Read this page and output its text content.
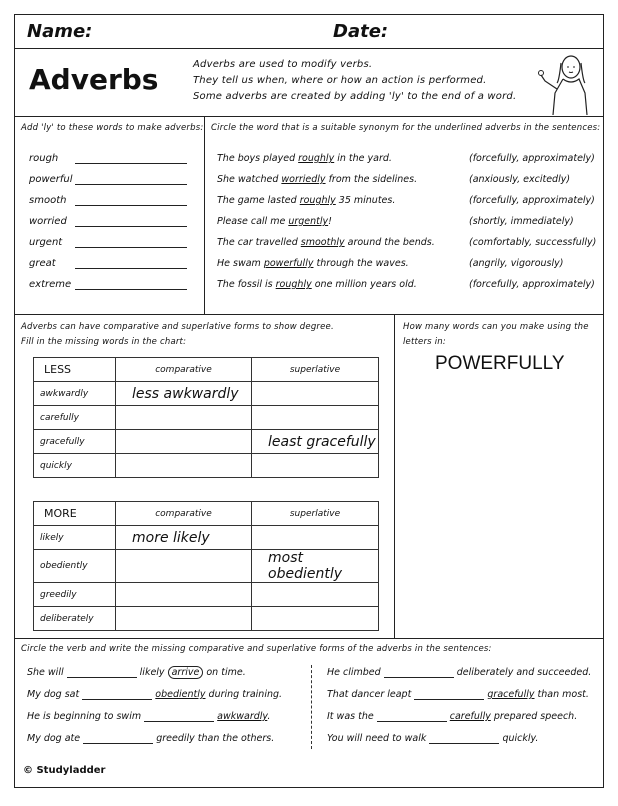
Name:	Date:
Adverbs	Adverbs are used to modify verbs.
They tell us when, where or how an action is performed.
Some adverbs are created by adding 'ly' to the end of a word.
Add 'ly' to these words to make adverbs:
rough
powerful
smooth
worried
urgent
great
extreme
Circle the word that is a suitable synonym for the underlined adverbs in the sentences:
The boys played roughly in the yard.	(forcefully, approximately)
She watched worriedly from the sidelines.	(anxiously, excitedly)
The game lasted roughly 35 minutes.	(forcefully, approximately)
Please call me urgently!	(shortly, immediately)
The car travelled smoothly around the bends.	(comfortably, successfully)
He swam powerfully through the waves.	(angrily, vigorously)
The fossil is roughly one million years old.	(forcefully, approximately)
Adverbs can have comparative and superlative forms to show degree.
Fill in the missing words in the chart:
LESS	comparative	superlative
awkwardly	less awkwardly	
carefully		
gracefully		least gracefully
quickly		
MORE	comparative	superlative
likely	more likely	
obediently		most obediently
greedily		
deliberately		
How many words can you make using the
letters in:
POWERFULLY
Circle the verb and write the missing comparative and superlative forms of the adverbs in the sentences:
She will	likely arrive on time.
My dog sat	obediently during training.
He is beginning to swim	awkwardly.
My dog ate	greedily than the others.
He climbed	deliberately and succeeded.
That dancer leapt	gracefully than most.
It was the	carefully prepared speech.
You will need to walk	quickly.
© Studyladder
